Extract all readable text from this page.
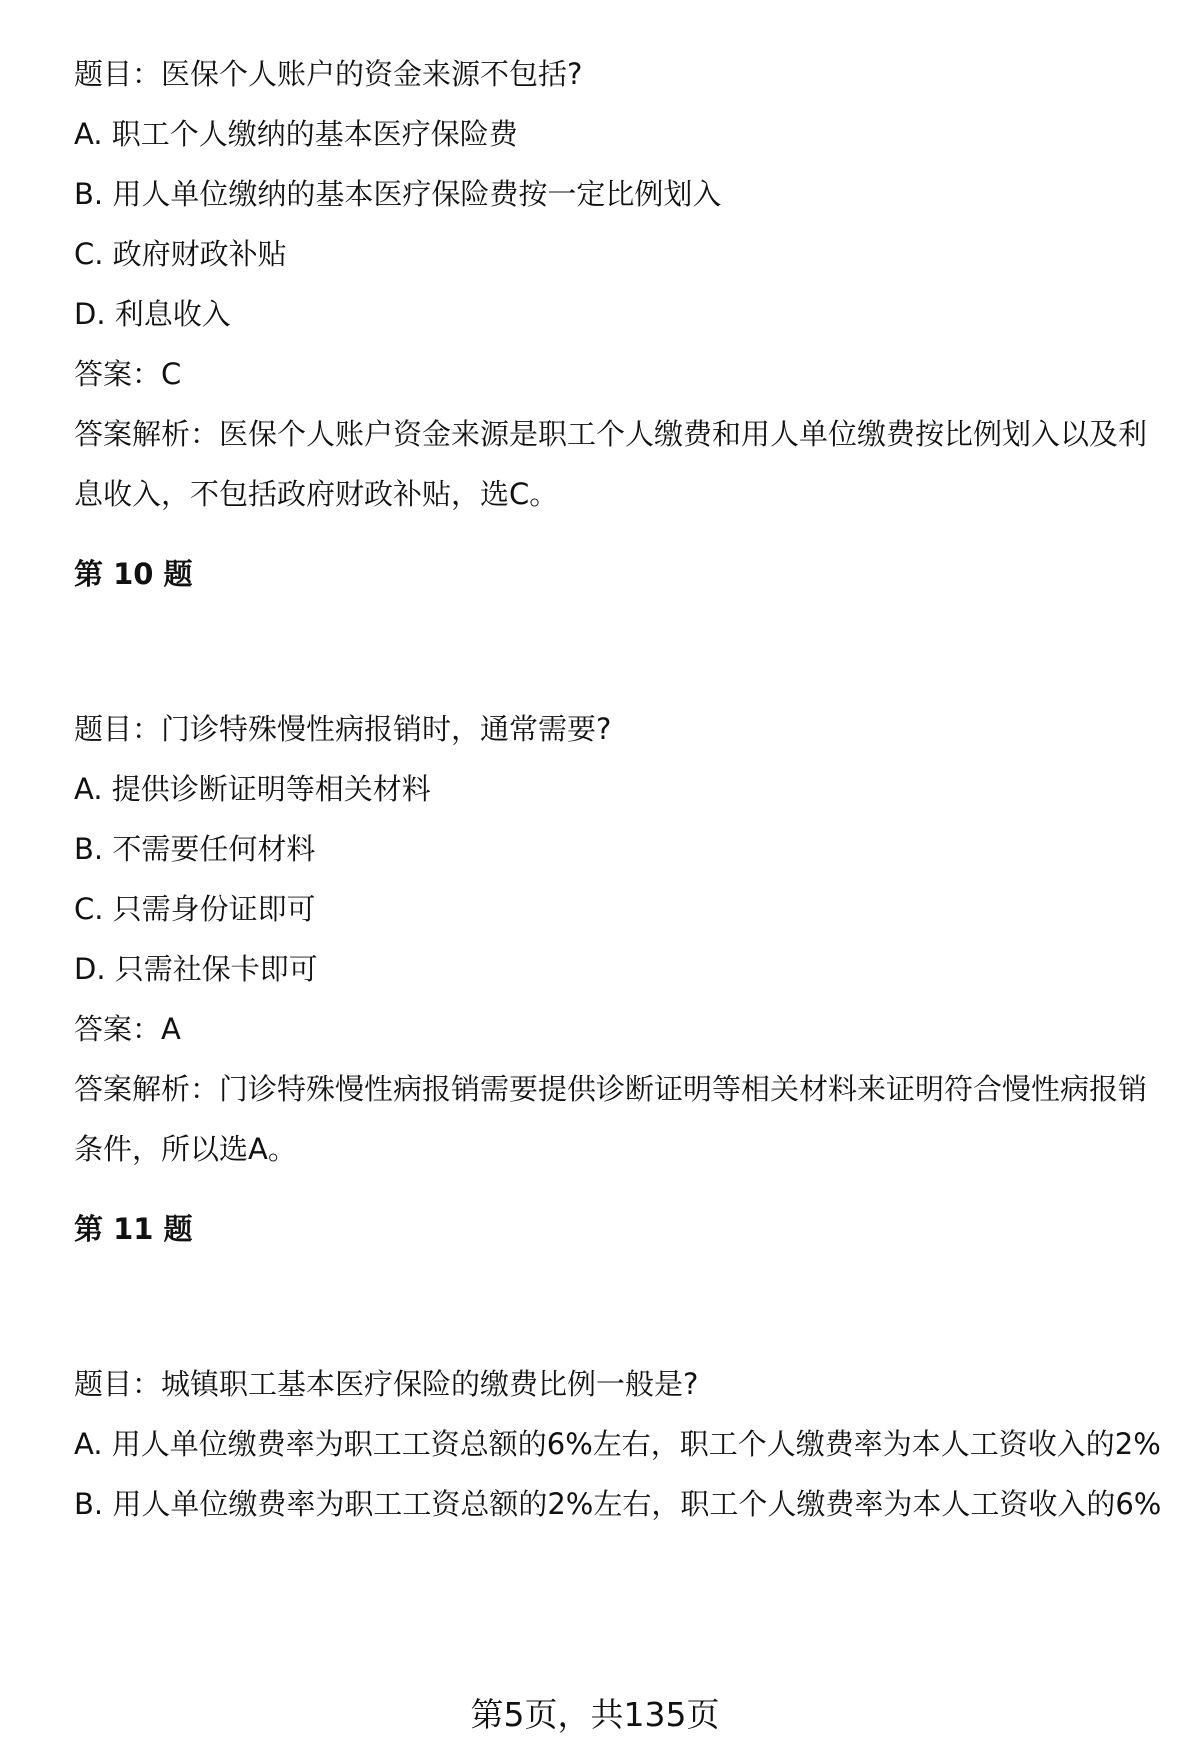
题目：医保个人账户的资金来源不包括?
A. 职工个人缴纳的基本医疗保险费
B. 用人单位缴纳的基本医疗保险费按一定比例划入
C. 政府财政补贴
D. 利息收入
答案：C
答案解析：医保个人账户资金来源是职工个人缴费和用人单位缴费按比例划入以及利息收入，不包括政府财政补贴，选C。
第 10 题
题目：门诊特殊慢性病报销时，通常需要?
A. 提供诊断证明等相关材料
B. 不需要任何材料
C. 只需身份证即可
D. 只需社保卡即可
答案：A
答案解析：门诊特殊慢性病报销需要提供诊断证明等相关材料来证明符合慢性病报销条件，所以选A。
第 11 题
题目：城镇职工基本医疗保险的缴费比例一般是?
A. 用人单位缴费率为职工工资总额的6%左右，职工个人缴费率为本人工资收入的2%
B. 用人单位缴费率为职工工资总额的2%左右，职工个人缴费率为本人工资收入的6%
第5页，共135页
